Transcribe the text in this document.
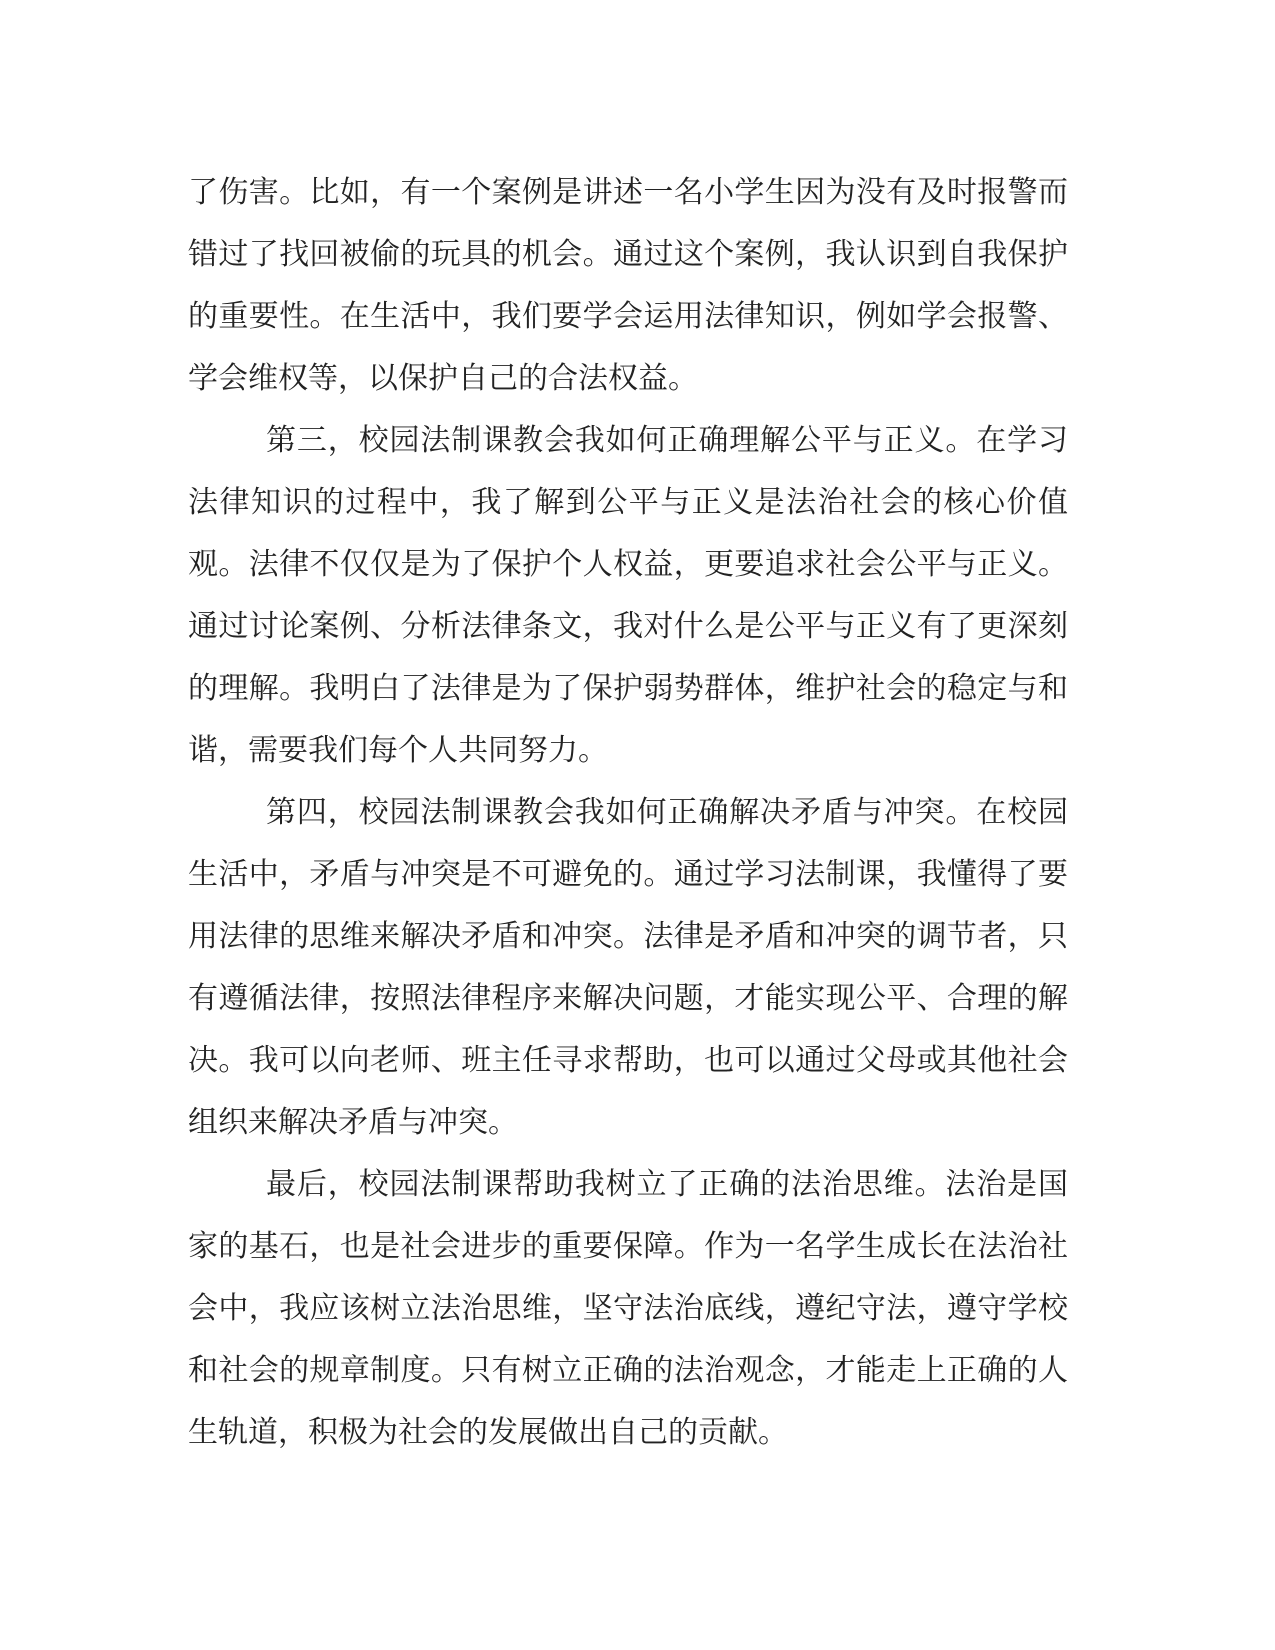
了伤害。比如，有一个案例是讲述一名小学生因为没有及时报警而错过了找回被偷的玩具的机会。通过这个案例，我认识到自我保护的重要性。在生活中，我们要学会运用法律知识，例如学会报警、学会维权等，以保护自己的合法权益。

第三，校园法制课教会我如何正确理解公平与正义。在学习法律知识的过程中，我了解到公平与正义是法治社会的核心价值观。法律不仅仅是为了保护个人权益，更要追求社会公平与正义。通过讨论案例、分析法律条文，我对什么是公平与正义有了更深刻的理解。我明白了法律是为了保护弱势群体，维护社会的稳定与和谐，需要我们每个人共同努力。

第四，校园法制课教会我如何正确解决矛盾与冲突。在校园生活中，矛盾与冲突是不可避免的。通过学习法制课，我懂得了要用法律的思维来解决矛盾和冲突。法律是矛盾和冲突的调节者，只有遵循法律，按照法律程序来解决问题，才能实现公平、合理的解决。我可以向老师、班主任寻求帮助，也可以通过父母或其他社会组织来解决矛盾与冲突。

最后，校园法制课帮助我树立了正确的法治思维。法治是国家的基石，也是社会进步的重要保障。作为一名学生成长在法治社会中，我应该树立法治思维，坚守法治底线，遵纪守法，遵守学校和社会的规章制度。只有树立正确的法治观念，才能走上正确的人生轨道，积极为社会的发展做出自己的贡献。
